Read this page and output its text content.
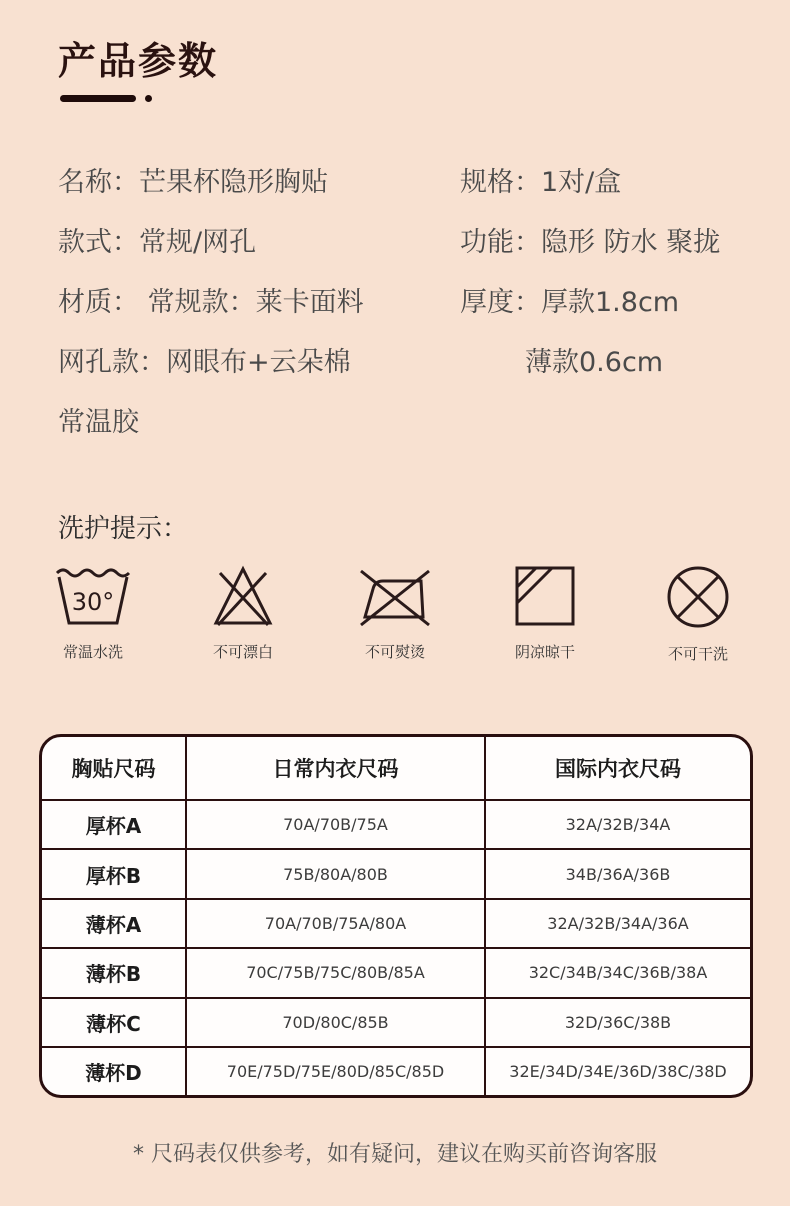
产品参数
名称：芒果杯隐形胸贴	规格：1对/盒
款式：常规/网孔	功能：隐形 防水 聚拢
材质： 常规款：莱卡面料	厚度：厚款1.8cm
网孔款：网眼布+云朵棉	薄款0.6cm
常温胶
洗护提示：
30°
常温水洗	不可漂白	不可熨烫	阴凉晾干	不可干洗
胸贴尺码	日常内衣尺码	国际内衣尺码
厚杯A	70A/70B/75A	32A/32B/34A
厚杯B	75B/80A/80B	34B/36A/36B
薄杯A	70A/70B/75A/80A	32A/32B/34A/36A
薄杯B	70C/75B/75C/80B/85A	32C/34B/34C/36B/38A
薄杯C	70D/80C/85B	32D/36C/38B
薄杯D	70E/75D/75E/80D/85C/85D	32E/34D/34E/36D/38C/38D
* 尺码表仅供参考，如有疑问，建议在购买前咨询客服
